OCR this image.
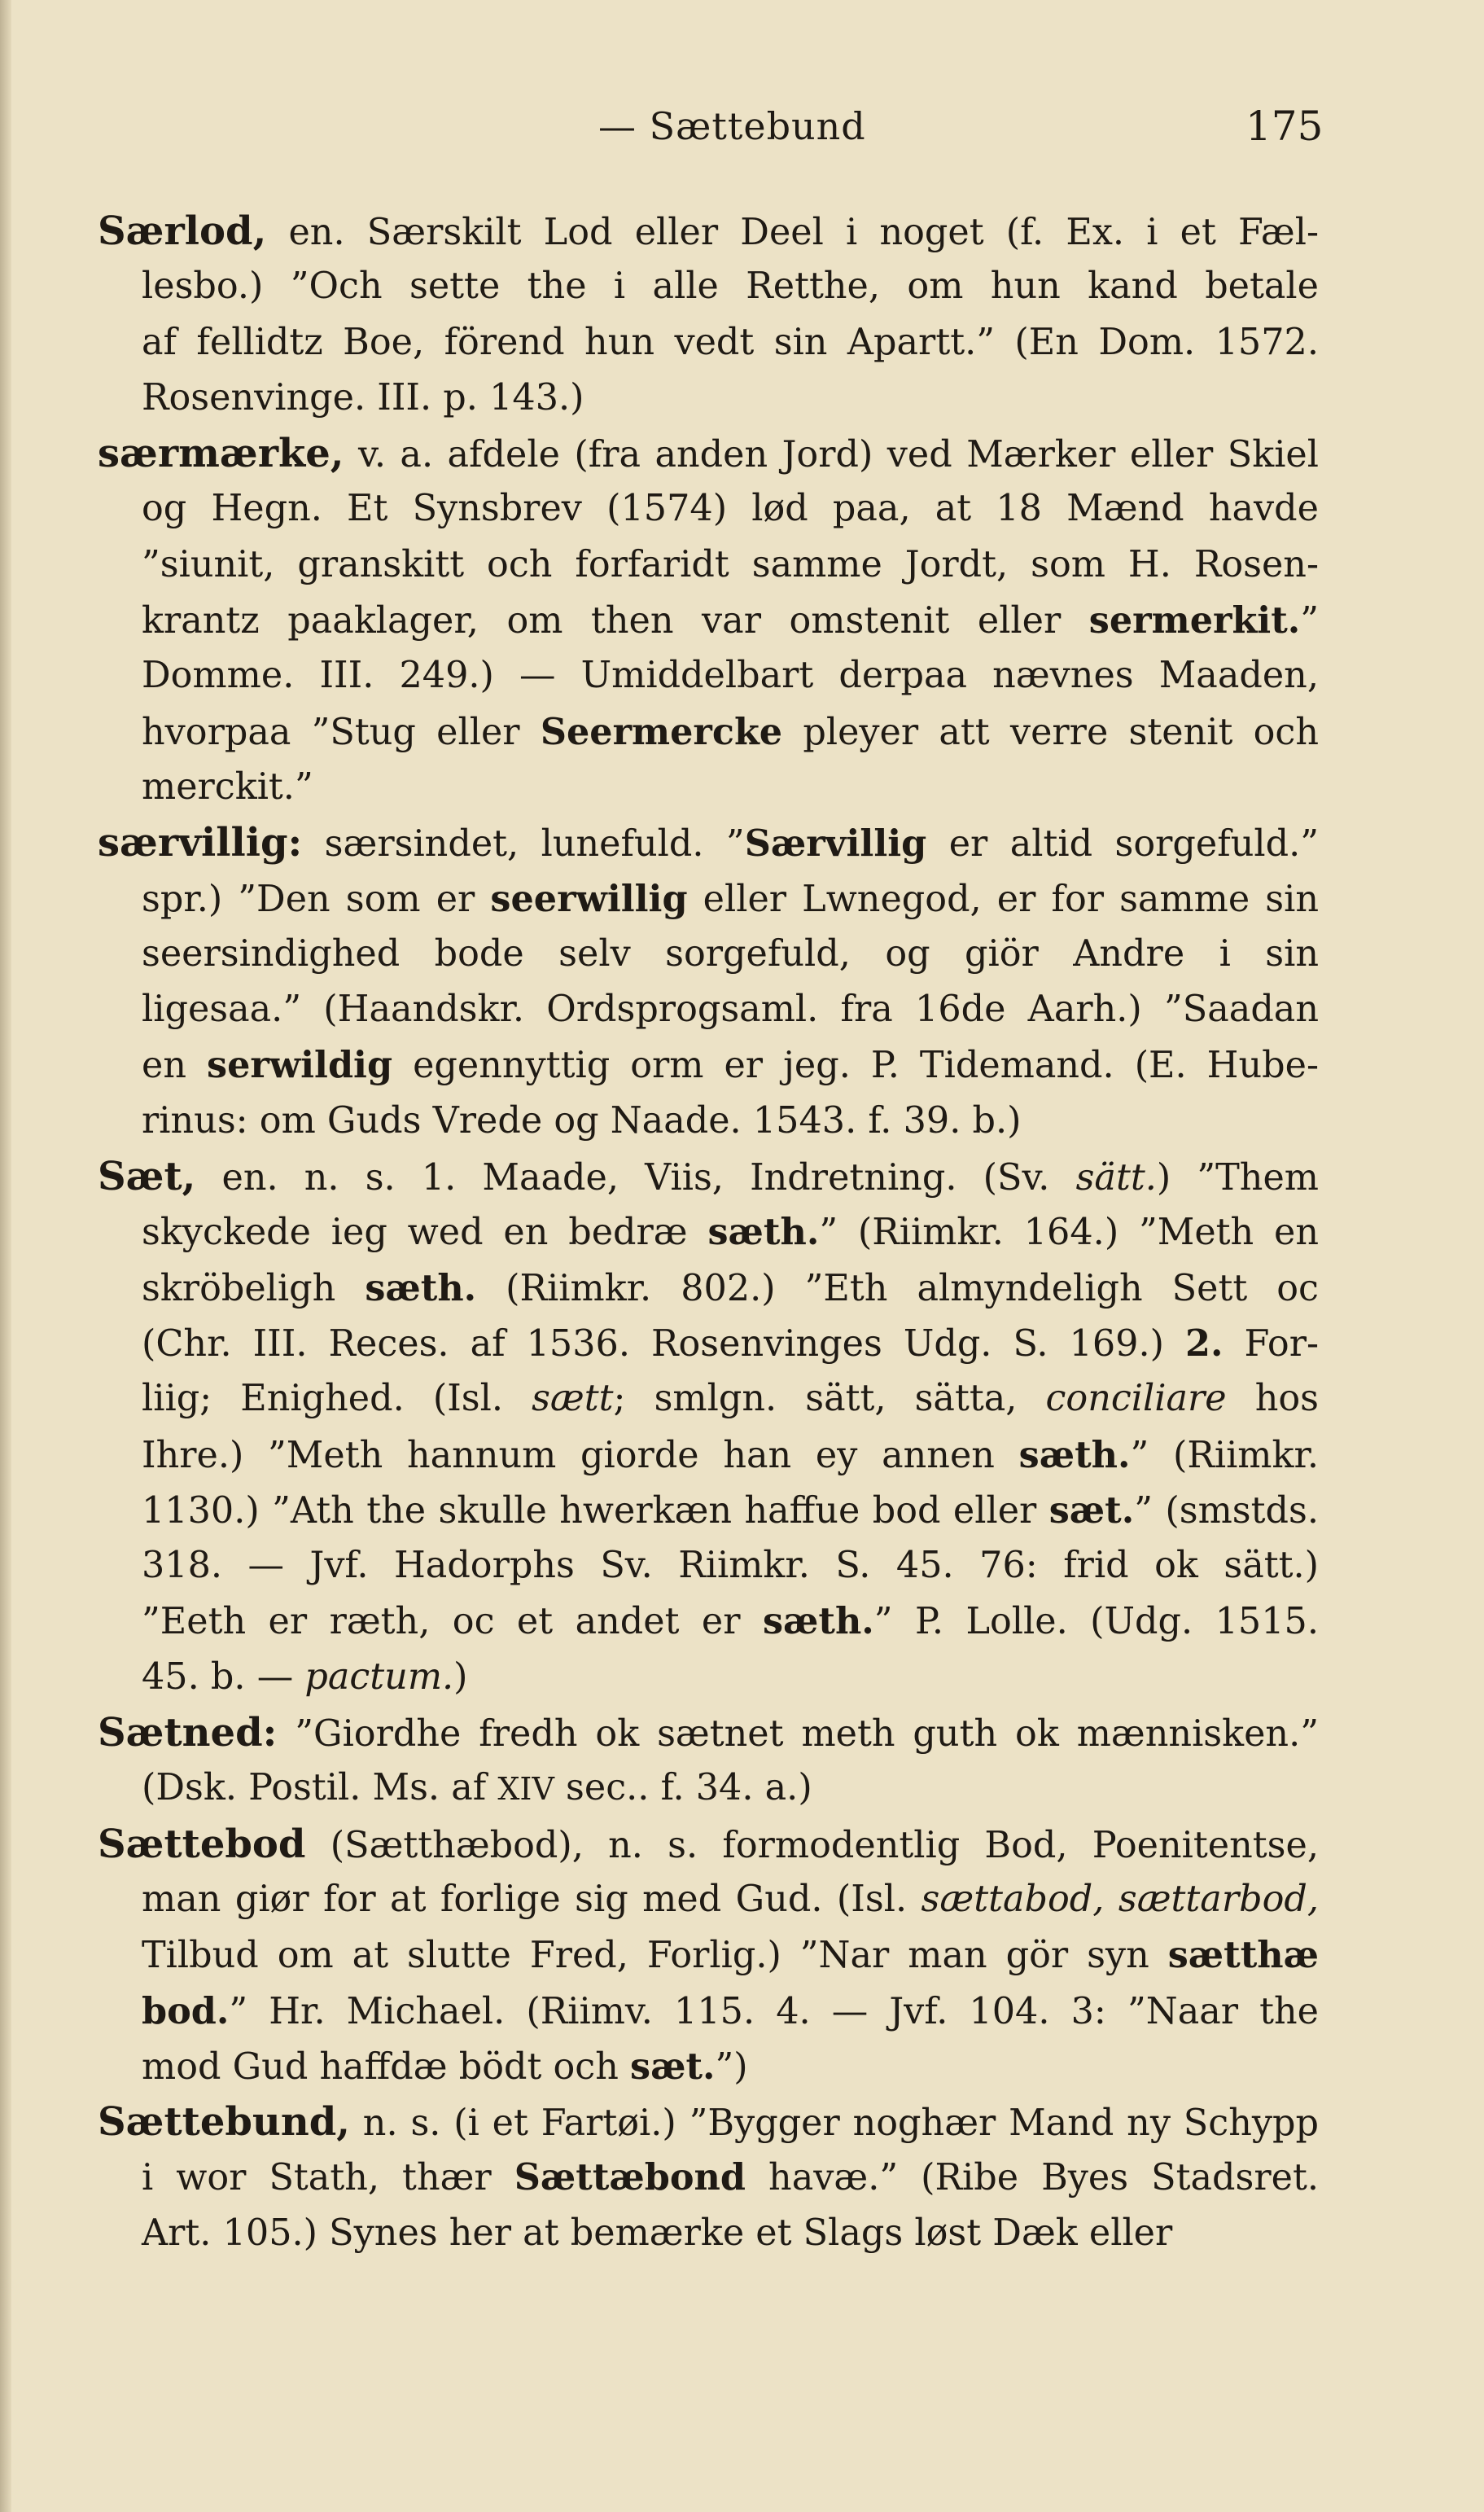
— Sættebund	175
Særlod, en. Særskilt Lod eller Deel i noget (f. Ex. i et Fæl-
lesbo.) ”Och sette the i alle Retthe, om hun kand betale
af fellidtz Boe, förend hun vedt sin Apartt.” (En Dom. 1572.
Rosenvinge. III. p. 143.)
særmærke, v. a. afdele (fra anden Jord) ved Mærker eller Skiel
og Hegn. Et Synsbrev (1574) lød paa, at 18 Mænd havde
”siunit, granskitt och forfaridt samme Jordt, som H. Rosen-
krantz paaklager, om then var omstenit eller sermerkit.”
Domme. III. 249.) — Umiddelbart derpaa nævnes Maaden,
hvorpaa ”Stug eller Seermercke pleyer att verre stenit och
merckit.”
særvillig: særsindet, lunefuld. ”Særvillig er altid sorgefuld.”
spr.) ”Den som er seerwillig eller Lwnegod, er for samme sin
seersindighed bode selv sorgefuld, og giör Andre i sin
ligesaa.” (Haandskr. Ordsprogsaml. fra 16de Aarh.) ”Saadan
en serwildig egennyttig orm er jeg. P. Tidemand. (E. Hube-
rinus: om Guds Vrede og Naade. 1543. f. 39. b.)
Sæt, en. n. s. 1. Maade, Viis, Indretning. (Sv. sätt.) ”Them
skyckede ieg wed en bedræ sæth.” (Riimkr. 164.) ”Meth en
skröbeligh sæth. (Riimkr. 802.) ”Eth almyndeligh Sett oc
(Chr. III. Reces. af 1536. Rosenvinges Udg. S. 169.) 2. For-
liig; Enighed. (Isl. sætt; smlgn. sätt, sätta, conciliare hos
Ihre.) ”Meth hannum giorde han ey annen sæth.” (Riimkr.
1130.) ”Ath the skulle hwerkæn haffue bod eller sæt.” (smstds.
318. — Jvf. Hadorphs Sv. Riimkr. S. 45. 76: frid ok sätt.)
”Eeth er ræth, oc et andet er sæth.” P. Lolle. (Udg. 1515.
45. b. — pactum.)
Sætned: ”Giordhe fredh ok sætnet meth guth ok mænnisken.”
(Dsk. Postil. Ms. af XIV sec.. f. 34. a.)
Sættebod (Sætthæbod), n. s. formodentlig Bod, Poenitentse,
man giør for at forlige sig med Gud. (Isl. sættabod, sættarbod,
Tilbud om at slutte Fred, Forlig.) ”Nar man gör syn sætthæ
bod.” Hr. Michael. (Riimv. 115. 4. — Jvf. 104. 3: ”Naar the
mod Gud haffdæ bödt och sæt.”)
Sættebund, n. s. (i et Fartøi.) ”Bygger noghær Mand ny Schypp
i wor Stath, thær Sættæbond havæ.” (Ribe Byes Stadsret.
Art. 105.) Synes her at bemærke et Slags løst Dæk eller
